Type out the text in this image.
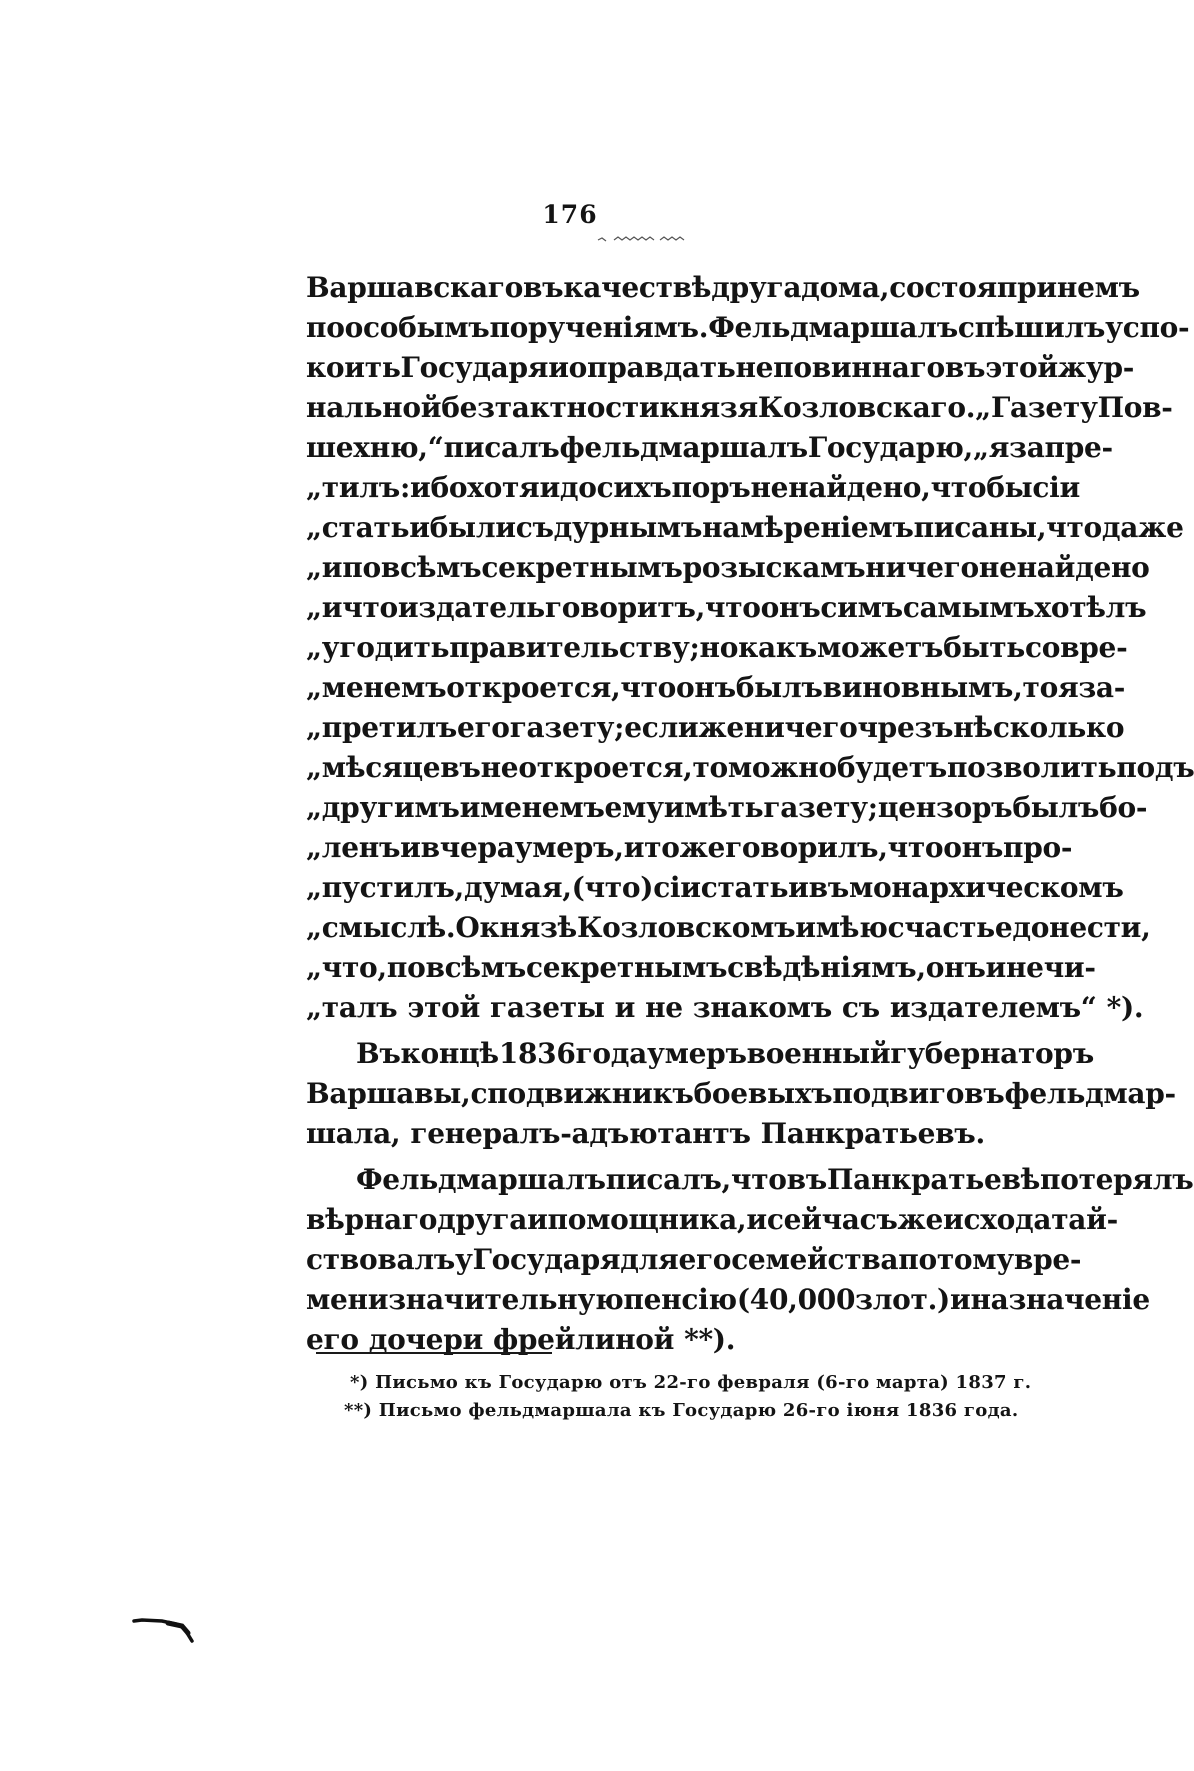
176
Варшавскаго въ качествѣ друга дома, состоя при немъ
по особымъ порученіямъ. Фельдмаршалъ спѣшилъ успо-
коить Государя и оправдать неповиннаго въ этой жур-
нальной безтактности князя Козловскаго. „Газету Пов-
шехню,“ писалъ фельдмаршалъ Государю, „я запре-
„тилъ: ибо хотя и до сихъ поръ не найдено, чтобы сіи
„статьи были съ дурнымъ намѣреніемъ писаны, что даже
„и по всѣмъ секретнымъ розыскамъ ничего не найдено
„и что издатель говоритъ, что онъ симъ самымъ хотѣлъ
„угодить правительству; но какъ можетъ быть со вре-
„менемъ откроется, что онъ былъ виновнымъ, то я за-
„претилъ его газету; если же ничего чрезъ нѣсколько
„мѣсяцевъ не откроется, то можно будетъ позволить подъ
„другимъ именемъ ему имѣть газету; цензоръ былъ бо-
„ленъ и вчера умеръ, и тоже говорилъ, что онъ про-
„пустилъ, думая, (что) сіи статьи въ монархическомъ
„смыслѣ. О князѣ Козловскомъ имѣю счастье донести,
„что, по всѣмъ секретнымъ свѣдѣніямъ, онъ и не чи-
„талъ этой газеты и не знакомъ съ издателемъ“ *).
Въ концѣ 1836 года умеръ военный губернаторъ
Варшавы, сподвижникъ боевыхъ подвиговъ фельдмар-
шала, генералъ-адъютантъ Панкратьевъ.
Фельдмаршалъ писалъ, что въ Панкратьевѣ потерялъ
вѣрнаго друга и помощника, и сейчасъ же исходатай-
ствовалъ у Государя для его семейства по тому вре-
мени значительную пенсію (40,000 злот.) и назначеніе
его дочери фрейлиной **).
*) Письмо къ Государю отъ 22-го февраля (6-го марта) 1837 г.
**) Письмо фельдмаршала къ Государю 26-го іюня 1836 года.
